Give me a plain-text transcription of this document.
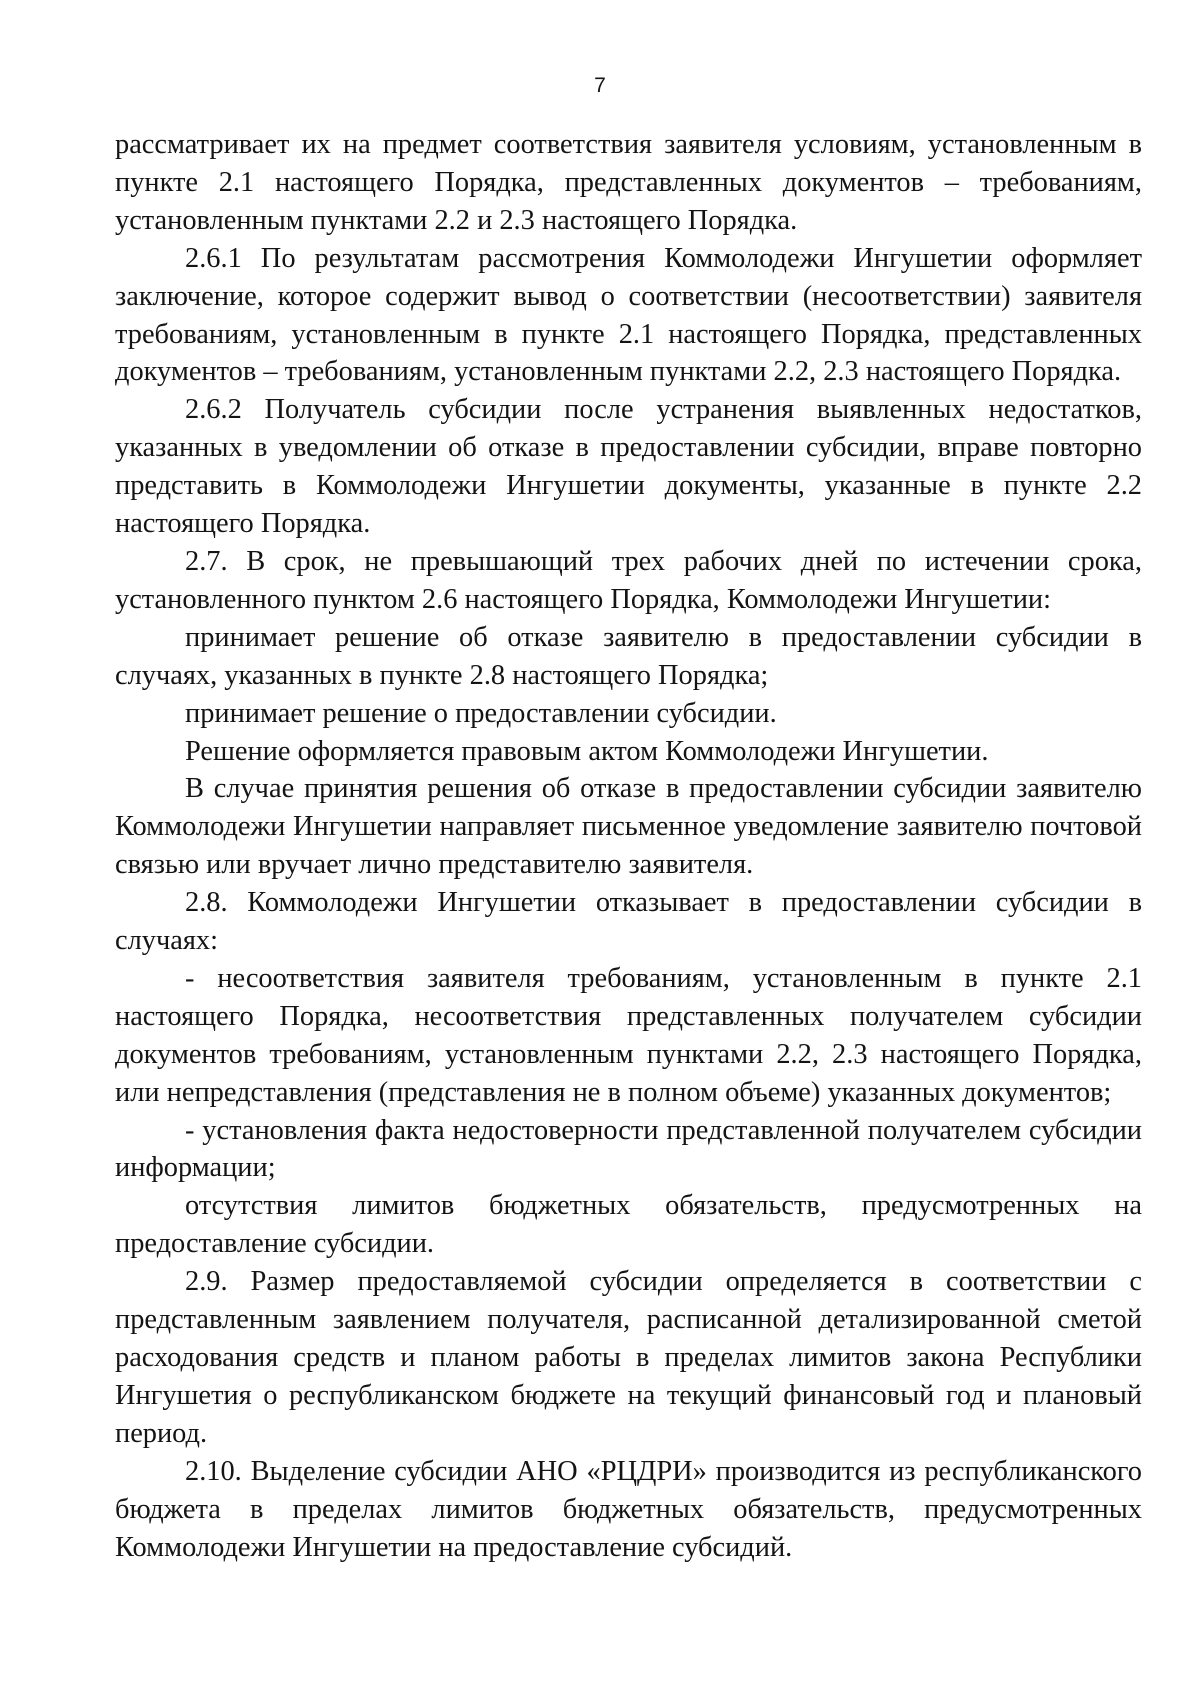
7

рассматривает их на предмет соответствия заявителя условиям, установленным в пункте 2.1 настоящего Порядка, представленных документов – требованиям, установленным пунктами 2.2 и 2.3 настоящего Порядка.

2.6.1 По результатам рассмотрения Коммолодежи Ингушетии оформляет заключение, которое содержит вывод о соответствии (несоответствии) заявителя требованиям, установленным в пункте 2.1 настоящего Порядка, представленных документов – требованиям, установленным пунктами 2.2, 2.3 настоящего Порядка.

2.6.2 Получатель субсидии после устранения выявленных недостатков, указанных в уведомлении об отказе в предоставлении субсидии, вправе повторно представить в Коммолодежи Ингушетии документы, указанные в пункте 2.2 настоящего Порядка.

2.7. В срок, не превышающий трех рабочих дней по истечении срока, установленного пунктом 2.6 настоящего Порядка, Коммолодежи Ингушетии:

принимает решение об отказе заявителю в предоставлении субсидии в случаях, указанных в пункте 2.8 настоящего Порядка;

принимает решение о предоставлении субсидии.

Решение оформляется правовым актом Коммолодежи Ингушетии.

В случае принятия решения об отказе в предоставлении субсидии заявителю Коммолодежи Ингушетии направляет письменное уведомление заявителю почтовой связью или вручает лично представителю заявителя.

2.8. Коммолодежи Ингушетии отказывает в предоставлении субсидии в случаях:

- несоответствия заявителя требованиям, установленным в пункте 2.1 настоящего Порядка, несоответствия представленных получателем субсидии документов требованиям, установленным пунктами 2.2, 2.3 настоящего Порядка, или непредставления (представления не в полном объеме) указанных документов;

- установления факта недостоверности представленной получателем субсидии информации;

отсутствия лимитов бюджетных обязательств, предусмотренных на предоставление субсидии.

2.9. Размер предоставляемой субсидии определяется в соответствии с представленным заявлением получателя, расписанной детализированной сметой расходования средств и планом работы в пределах лимитов закона Республики Ингушетия о республиканском бюджете на текущий финансовый год и плановый период.

2.10. Выделение субсидии АНО «РЦДРИ» производится из республиканского бюджета в пределах лимитов бюджетных обязательств, предусмотренных Коммолодежи Ингушетии на предоставление субсидий.
